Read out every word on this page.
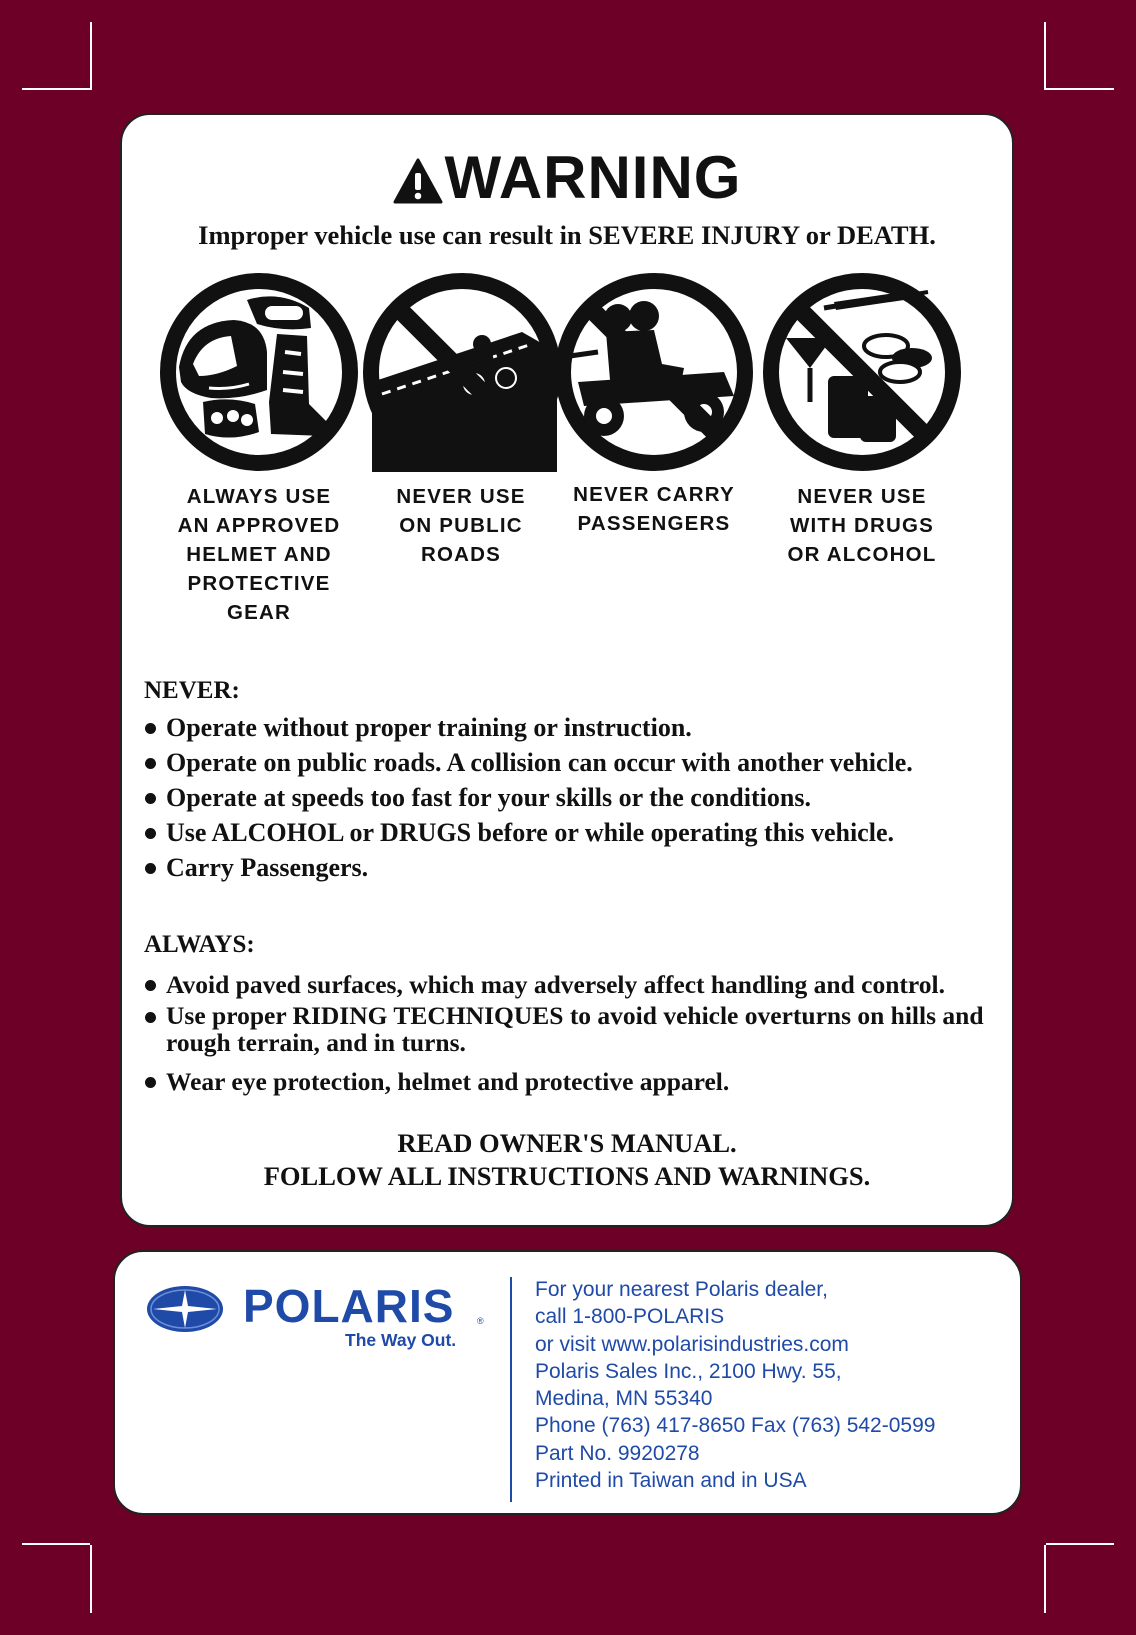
WARNING
Improper vehicle use can result in SEVERE INJURY or DEATH.
ALWAYS USE
AN APPROVED
HELMET AND
PROTECTIVE
GEAR
NEVER USE
ON PUBLIC
ROADS
NEVER CARRY
PASSENGERS
NEVER USE
WITH DRUGS
OR ALCOHOL
NEVER:
Operate without proper training or instruction.
Operate on public roads. A collision can occur with another vehicle.
Operate at speeds too fast for your skills or the conditions.
Use ALCOHOL or DRUGS before or while operating this vehicle.
Carry Passengers.
ALWAYS:
Avoid paved surfaces, which may adversely affect handling and control.
Use proper RIDING TECHNIQUES to avoid vehicle overturns on hills and rough terrain, and in turns.
Wear eye protection, helmet and protective apparel.
READ OWNER'S MANUAL.
FOLLOW ALL INSTRUCTIONS AND WARNINGS.
POLARIS	®
The Way Out.
For your nearest Polaris dealer,
call 1-800-POLARIS
or visit www.polarisindustries.com
Polaris Sales Inc., 2100 Hwy. 55,
Medina, MN 55340
Phone (763) 417-8650 Fax (763) 542-0599
Part No. 9920278
Printed in Taiwan and in USA
